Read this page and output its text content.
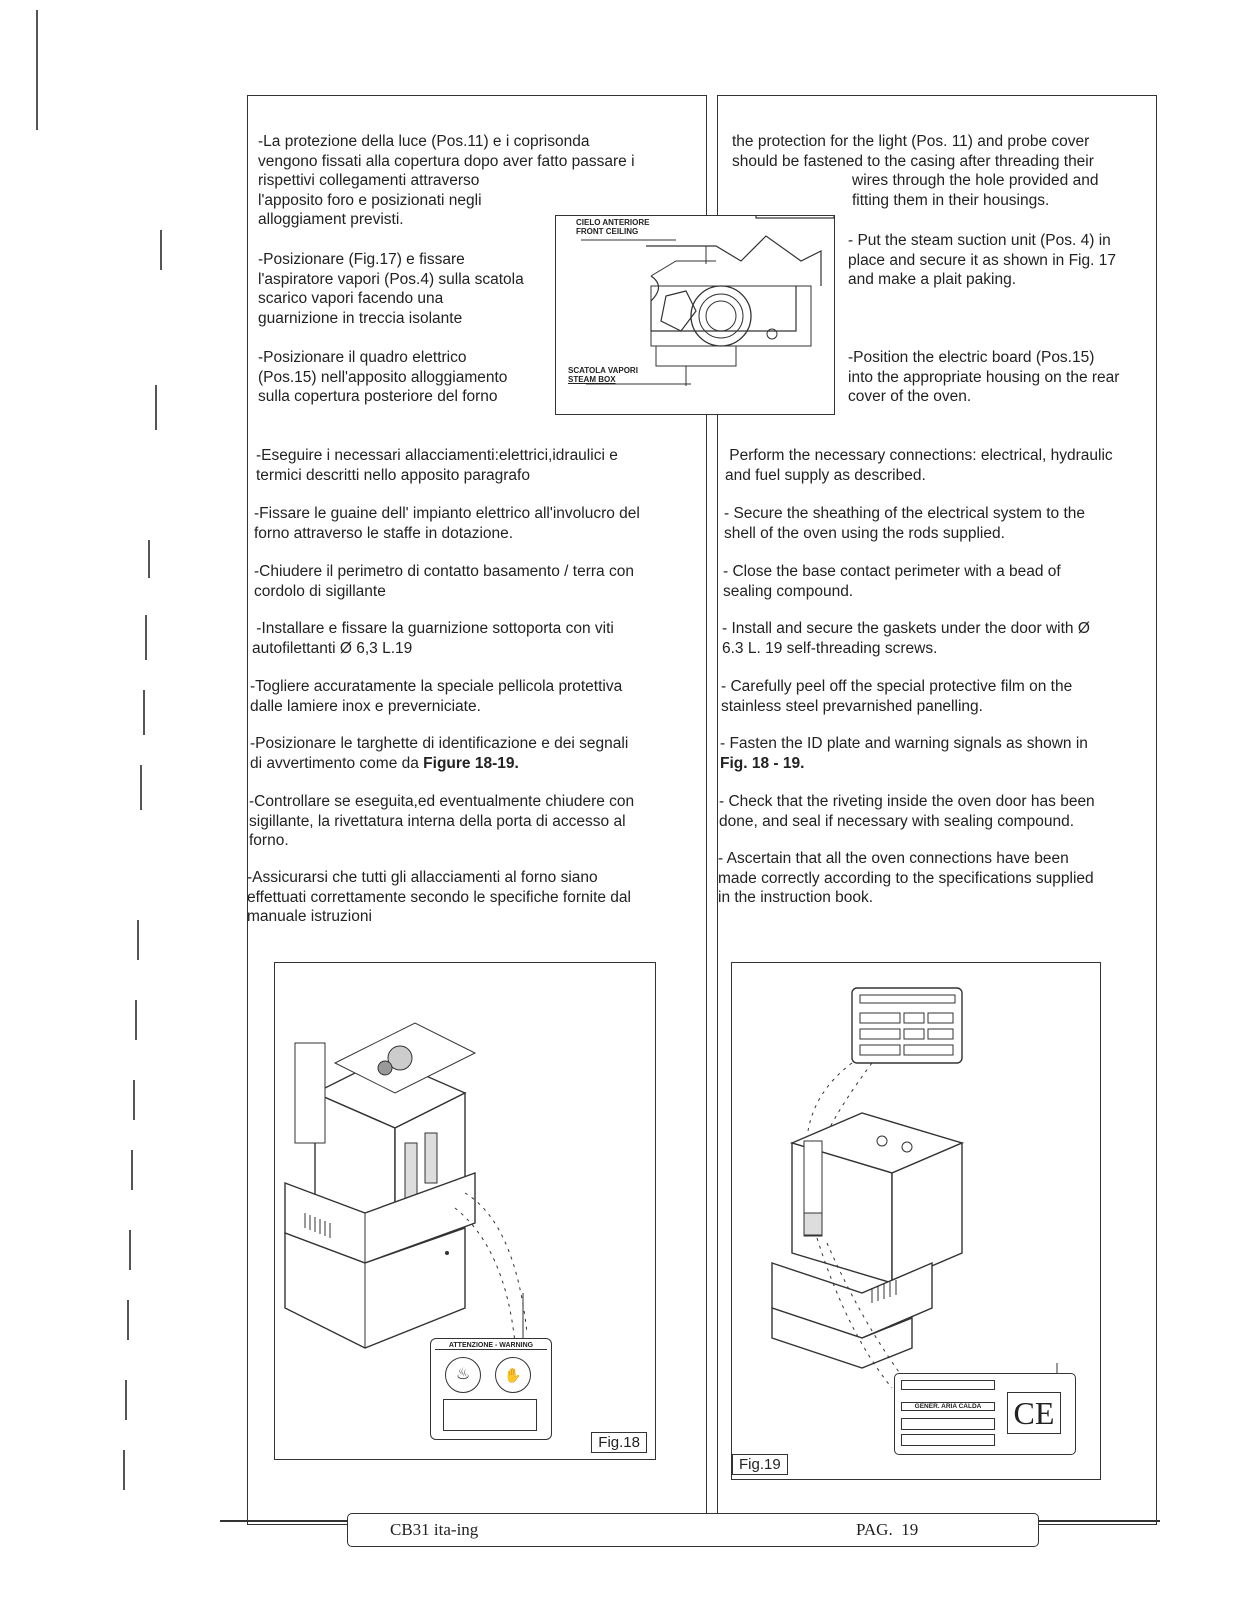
-La protezione della luce (Pos.11) e i coprisonda
vengono fissati alla copertura dopo aver fatto passare i
rispettivi collegamenti attraverso
l'apposito foro e posizionati negli
alloggiament previsti.
-Posizionare (Fig.17) e fissare
l'aspiratore vapori (Pos.4) sulla scatola
scarico vapori facendo una
guarnizione in treccia isolante
-Posizionare il quadro elettrico
(Pos.15) nell'apposito alloggiamento
sulla copertura posteriore del forno
-Eseguire i necessari allacciamenti:elettrici,idraulici e
termici descritti nello apposito paragrafo
-Fissare le guaine dell' impianto elettrico all'involucro del
forno attraverso le staffe in dotazione.
-Chiudere il perimetro di contatto basamento / terra con
cordolo di sigillante
-Installare e fissare la guarnizione sottoporta con viti
autofilettanti Ø 6,3 L.19
-Togliere accuratamente la speciale pellicola protettiva
dalle lamiere inox e preverniciate.
-Posizionare le targhette di identificazione e dei segnali
di avvertimento come da Figure 18-19.
-Controllare se eseguita,ed eventualmente chiudere con
sigillante, la rivettatura interna della porta di accesso al
forno.
-Assicurarsi che tutti gli allacciamenti al forno siano
effettuati correttamente secondo le specifiche fornite dal
manuale istruzioni
the protection for the light (Pos. 11) and probe cover
should be fastened to the casing after threading their
wires through the hole provided and
fitting them in their housings.
- Put the steam suction unit (Pos. 4) in
place and secure it as shown in Fig. 17
and make a plait paking.
-Position the electric board (Pos.15)
into the appropriate housing on the rear
cover of the oven.
Perform the necessary connections: electrical, hydraulic
and fuel supply as described.
- Secure the sheathing of the electrical system to the
shell of the oven using the rods supplied.
- Close the base contact perimeter with a bead of
sealing compound.
- Install and secure the gaskets under the door with Ø
6.3 L. 19 self-threading screws.
- Carefully peel off the special protective film on the
stainless steel prevarnished panelling.
- Fasten the ID plate and warning signals as shown in
Fig. 18 - 19.
- Check that the riveting inside the oven door has been
done, and seal if necessary with sealing compound.
- Ascertain that all the oven connections have been
made correctly according to the specifications supplied
in the instruction book.
CIELO ANTERIORE
FRONT CEILING
SCATOLA VAPORI
STEAM BOX
ATTENZIONE - WARNING
♨	✋
Fig.18
GENER. ARIA CALDA	CE
Fig.19
CB31 ita-ing	PAG.  19
